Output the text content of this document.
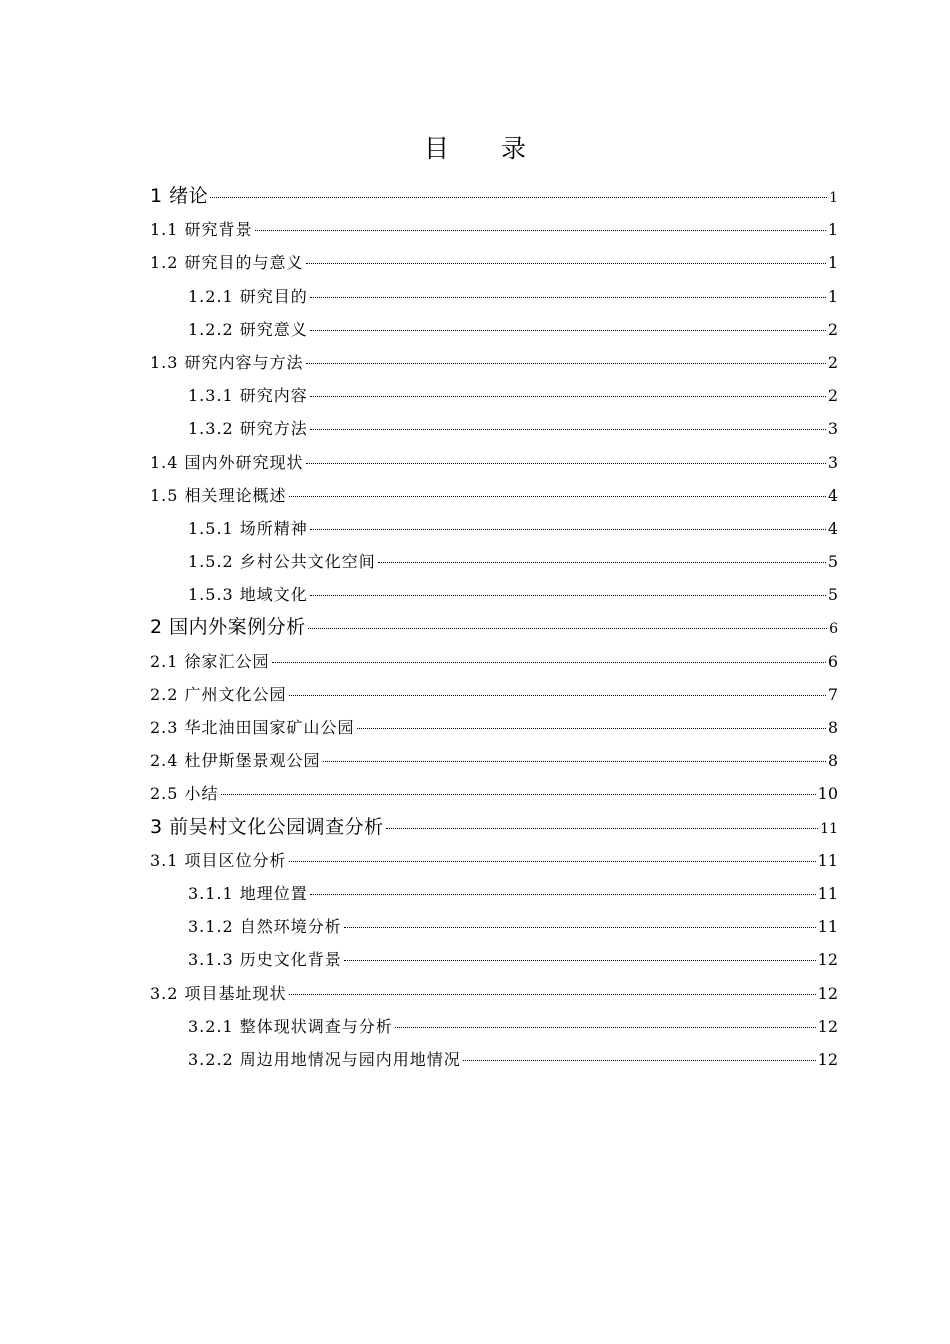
目 录
1 绪论	1
1.1 研究背景	1
1.2 研究目的与意义	1
1.2.1 研究目的	1
1.2.2 研究意义	2
1.3 研究内容与方法	2
1.3.1 研究内容	2
1.3.2 研究方法	3
1.4 国内外研究现状	3
1.5 相关理论概述	4
1.5.1 场所精神	4
1.5.2 乡村公共文化空间	5
1.5.3 地域文化	5
2 国内外案例分析	6
2.1 徐家汇公园	6
2.2 广州文化公园	7
2.3 华北油田国家矿山公园	8
2.4 杜伊斯堡景观公园	8
2.5 小结	10
3 前吴村文化公园调查分析	11
3.1 项目区位分析	11
3.1.1 地理位置	11
3.1.2 自然环境分析	11
3.1.3 历史文化背景	12
3.2 项目基址现状	12
3.2.1 整体现状调查与分析	12
3.2.2 周边用地情况与园内用地情况	12
